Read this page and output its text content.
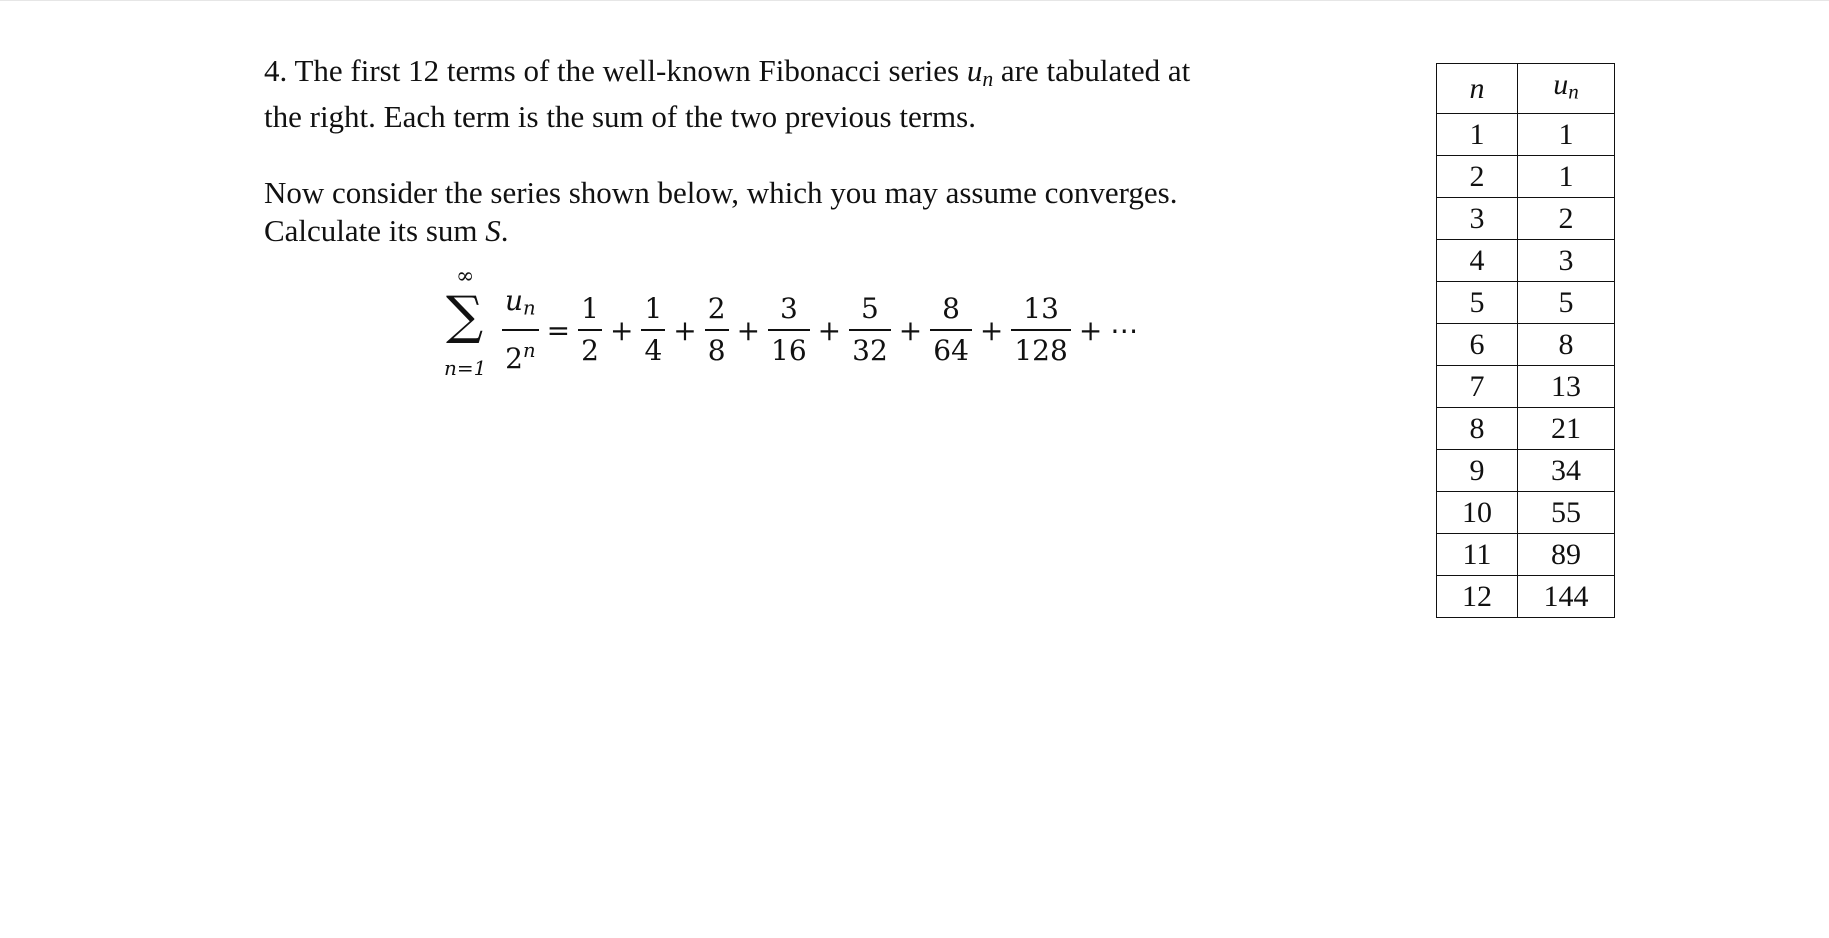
4. The first 12 terms of the well-known Fibonacci series $u_n$ are tabulated at
the right. Each term is the sum of the two previous terms.

Now consider the series shown below, which you may assume converges.
Calculate its sum S.

∞
∑
$n=1 \frac{u_n}{2^n} = \frac{1}{2} + \frac{1}{4} + \frac{2}{8} + \frac{3}{16} + \frac{5}{32} + \frac{8}{64} + \frac{13}{128}$ + ⋯
n	$u_n$
1	1
2	1
3	2
4	3
5	5
6	8
7	13
8	21
9	34
10	55
11	89
12	144
